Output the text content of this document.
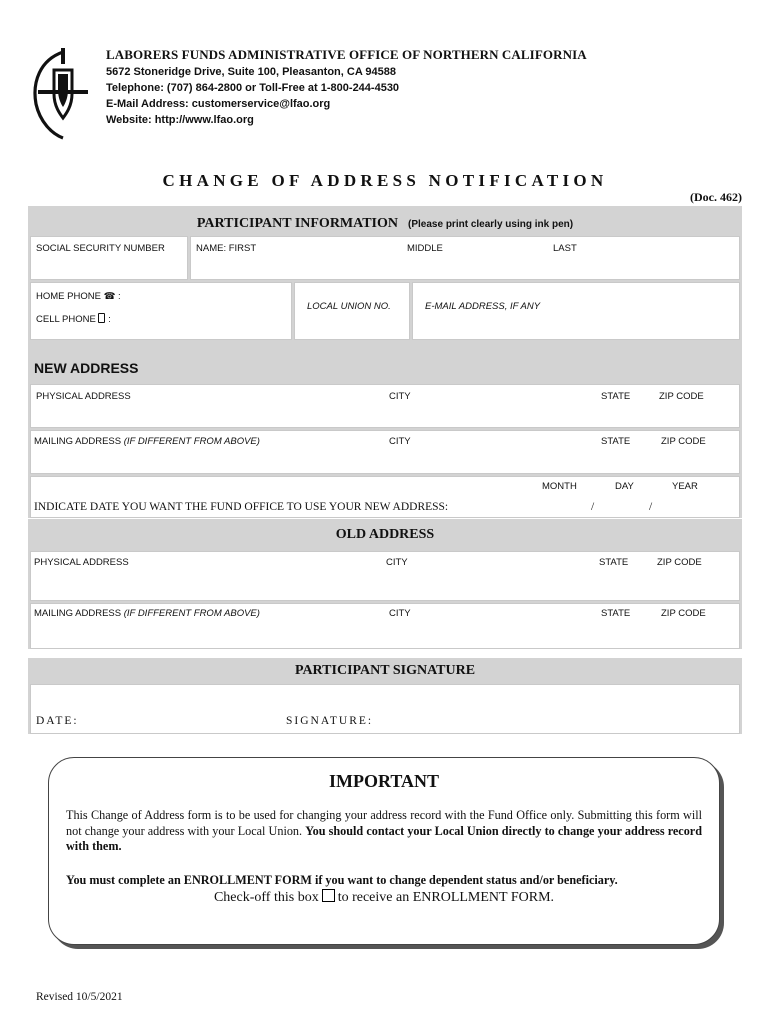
LABORERS FUNDS ADMINISTRATIVE OFFICE OF NORTHERN CALIFORNIA
5672 Stoneridge Drive, Suite 100, Pleasanton, CA 94588
Telephone: (707) 864-2800 or Toll-Free at 1-800-244-4530
E-Mail Address: customerservice@lfao.org
Website: http://www.lfao.org
CHANGE OF ADDRESS NOTIFICATION
(Doc. 462)
PARTICIPANT INFORMATION (Please print clearly using ink pen)
SOCIAL SECURITY NUMBER	NAME: FIRST	MIDDLE	LAST
HOME PHONE ☎ :
CELL PHONE  :
LOCAL UNION NO.	E-MAIL ADDRESS, IF ANY
NEW ADDRESS
PHYSICAL ADDRESS	CITY	STATE	ZIP CODE
MAILING ADDRESS (IF DIFFERENT FROM ABOVE)	CITY	STATE	ZIP CODE
MONTH	DAY	YEAR
INDICATE DATE YOU WANT THE FUND OFFICE TO USE YOUR NEW ADDRESS:	/	/
OLD ADDRESS
PHYSICAL ADDRESS	CITY	STATE	ZIP CODE
MAILING ADDRESS (IF DIFFERENT FROM ABOVE)	CITY	STATE	ZIP CODE
PARTICIPANT SIGNATURE
DATE:	SIGNATURE:
IMPORTANT
This Change of Address form is to be used for changing your address record with the Fund Office only. Submitting this form will not change your address with your Local Union. You should contact your Local Union directly to change your address record with them.
You must complete an ENROLLMENT FORM if you want to change dependent status and/or beneficiary.
Check-off this box to receive an ENROLLMENT FORM.
Revised 10/5/2021
